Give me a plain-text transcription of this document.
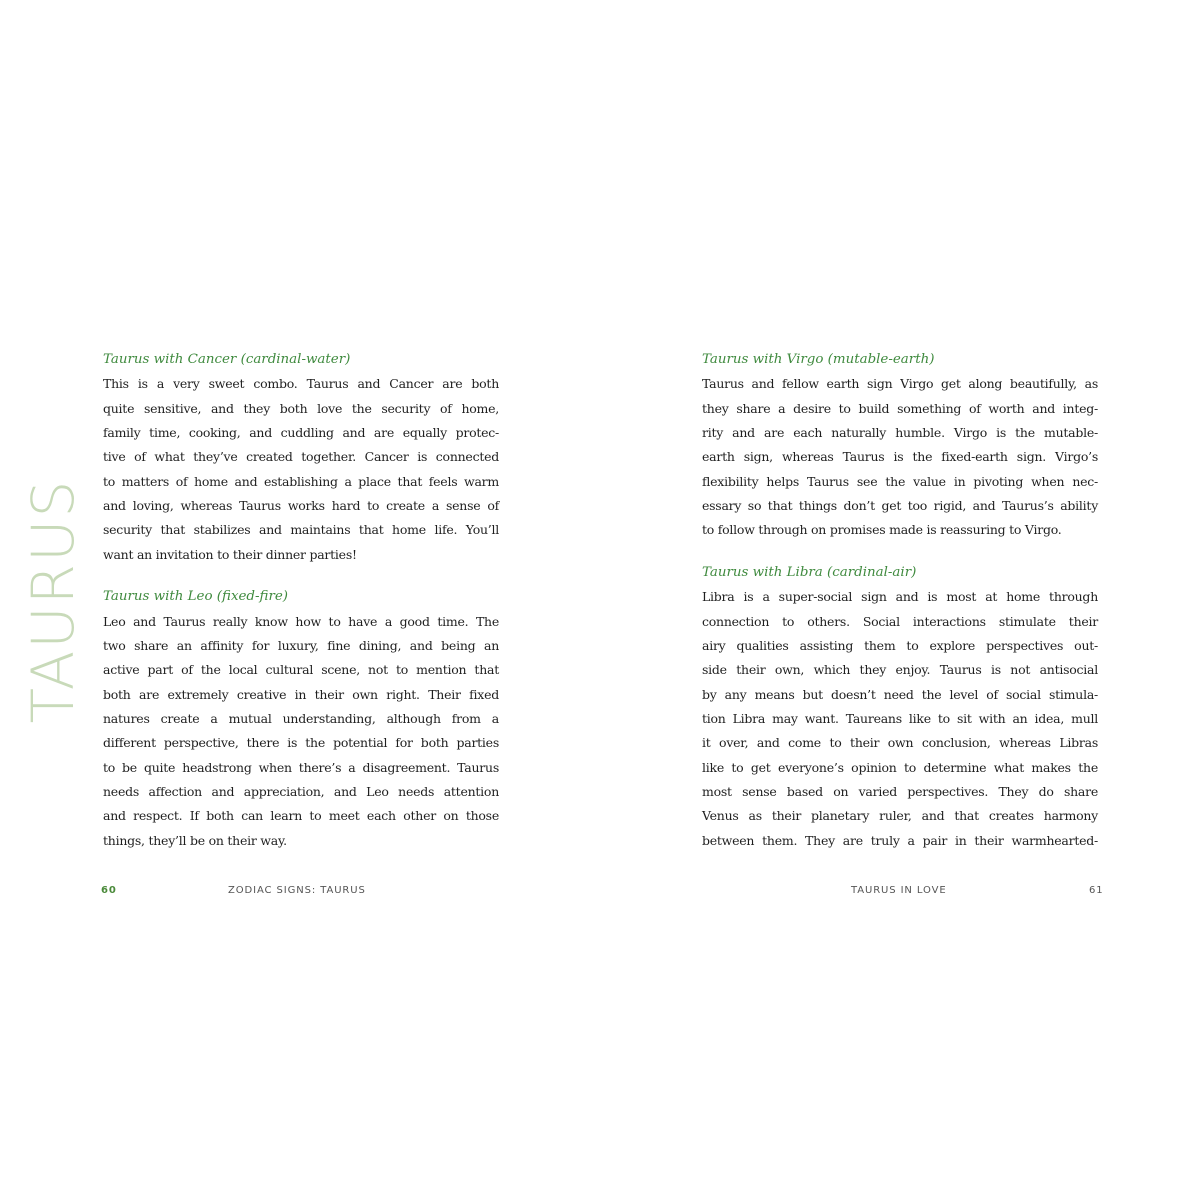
TAURUS
Taurus with Cancer (cardinal-water)
This is a very sweet combo. Taurus and Cancer are both
quite sensitive, and they both love the security of home,
family time, cooking, and cuddling and are equally protec-
tive of what they’ve created together. Cancer is connected
to matters of home and establishing a place that feels warm
and loving, whereas Taurus works hard to create a sense of
security that stabilizes and maintains that home life. You’ll
want an invitation to their dinner parties!
Taurus with Leo (fixed-fire)
Leo and Taurus really know how to have a good time. The
two share an affinity for luxury, fine dining, and being an
active part of the local cultural scene, not to mention that
both are extremely creative in their own right. Their fixed
natures create a mutual understanding, although from a
different perspective, there is the potential for both parties
to be quite headstrong when there’s a disagreement. Taurus
needs affection and appreciation, and Leo needs attention
and respect. If both can learn to meet each other on those
things, they’ll be on their way.
60	ZODIAC SIGNS: TAURUS
Taurus with Virgo (mutable-earth)
Taurus and fellow earth sign Virgo get along beautifully, as
they share a desire to build something of worth and integ-
rity and are each naturally humble. Virgo is the mutable-
earth sign, whereas Taurus is the fixed-earth sign. Virgo’s
flexibility helps Taurus see the value in pivoting when nec-
essary so that things don’t get too rigid, and Taurus’s ability
to follow through on promises made is reassuring to Virgo.
Taurus with Libra (cardinal-air)
Libra is a super-social sign and is most at home through
connection to others. Social interactions stimulate their
airy qualities assisting them to explore perspectives out-
side their own, which they enjoy. Taurus is not antisocial
by any means but doesn’t need the level of social stimula-
tion Libra may want. Taureans like to sit with an idea, mull
it over, and come to their own conclusion, whereas Libras
like to get everyone’s opinion to determine what makes the
most sense based on varied perspectives. They do share
Venus as their planetary ruler, and that creates harmony
between them. They are truly a pair in their warmhearted-
TAURUS IN LOVE	61
